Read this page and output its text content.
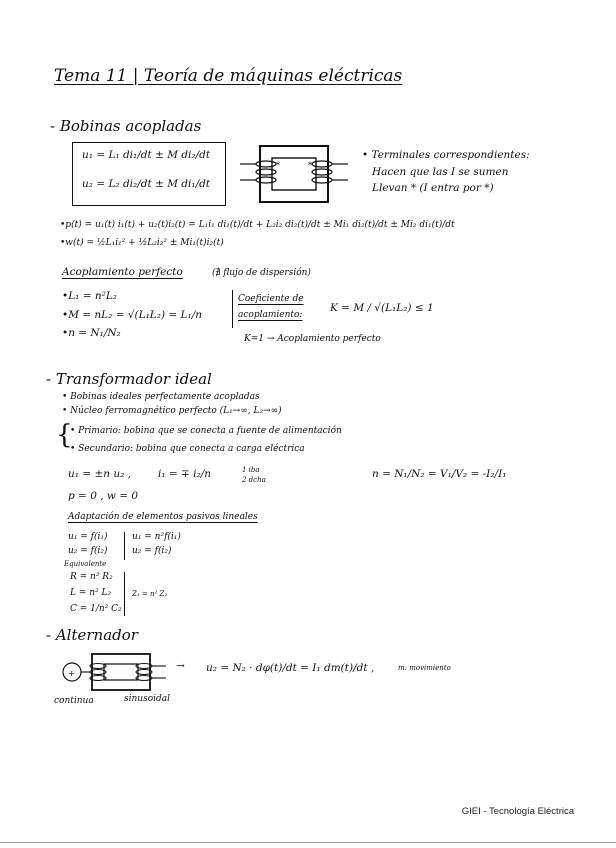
Tema 11 | Teoría de máquinas eléctricas
- Bobinas acopladas
u₁ = L₁ di₁/dt ± M di₂/dt
u₂ = L₂ di₂/dt ± M di₁/dt
*	*
• Terminales correspondientes:
Hacen que las I se sumen
Llevan * (I entra por *)
•p(t) = u₁(t) i₁(t) + u₂(t)i₂(t) = L₁i₁ di₁(t)/dt + L₂i₂ di₂(t)/dt ± Mi₁ di₂(t)/dt ± Mi₂ di₁(t)/dt
•w(t) = ½L₁i₁² + ½L₂i₂² ± Mi₁(t)i₂(t)
Acoplamiento perfecto	(∄ flujo de dispersión)
•L₁ = n²L₂
•M = nL₂ = √(L₁L₂) = L₁/n
•n = N₁/N₂
Coeficiente de
acoplamiento:
K = M / √(L₁L₂) ≤ 1
K=1 → Acoplamiento perfecto
- Transformador ideal
• Bobinas ideales perfectamente acopladas
• Núcleo ferromagnético perfecto (L₁→∞, L₂→∞)
{
• Primario: bobina que se conecta a fuente de alimentación
• Secundario: bobina que conecta a carga eléctrica
u₁ = ±n u₂ ,	i₁ = ∓ i₂/n	1 iba
2 dcha	n = N₁/N₂ = V₁/V₂ = -I₂/I₁
p = 0 , w = 0
Adaptación de elementos pasivos lineales
u₁ = f(i₁)
u₂ = f(i₂)
u₁ = n²f(i₁)
u₂ = f(i₂)
Equivalente
R = n² R₂
L = n² L₂
C = 1/n² C₂
Z₁ = n² Z₂
- Alternador
+
→ u₂ = N₂ · dφ(t)/dt = I₁ dm(t)/dt ,	m: movimiento
continua	sinusoidal
GIEI - Tecnología Eléctrica
